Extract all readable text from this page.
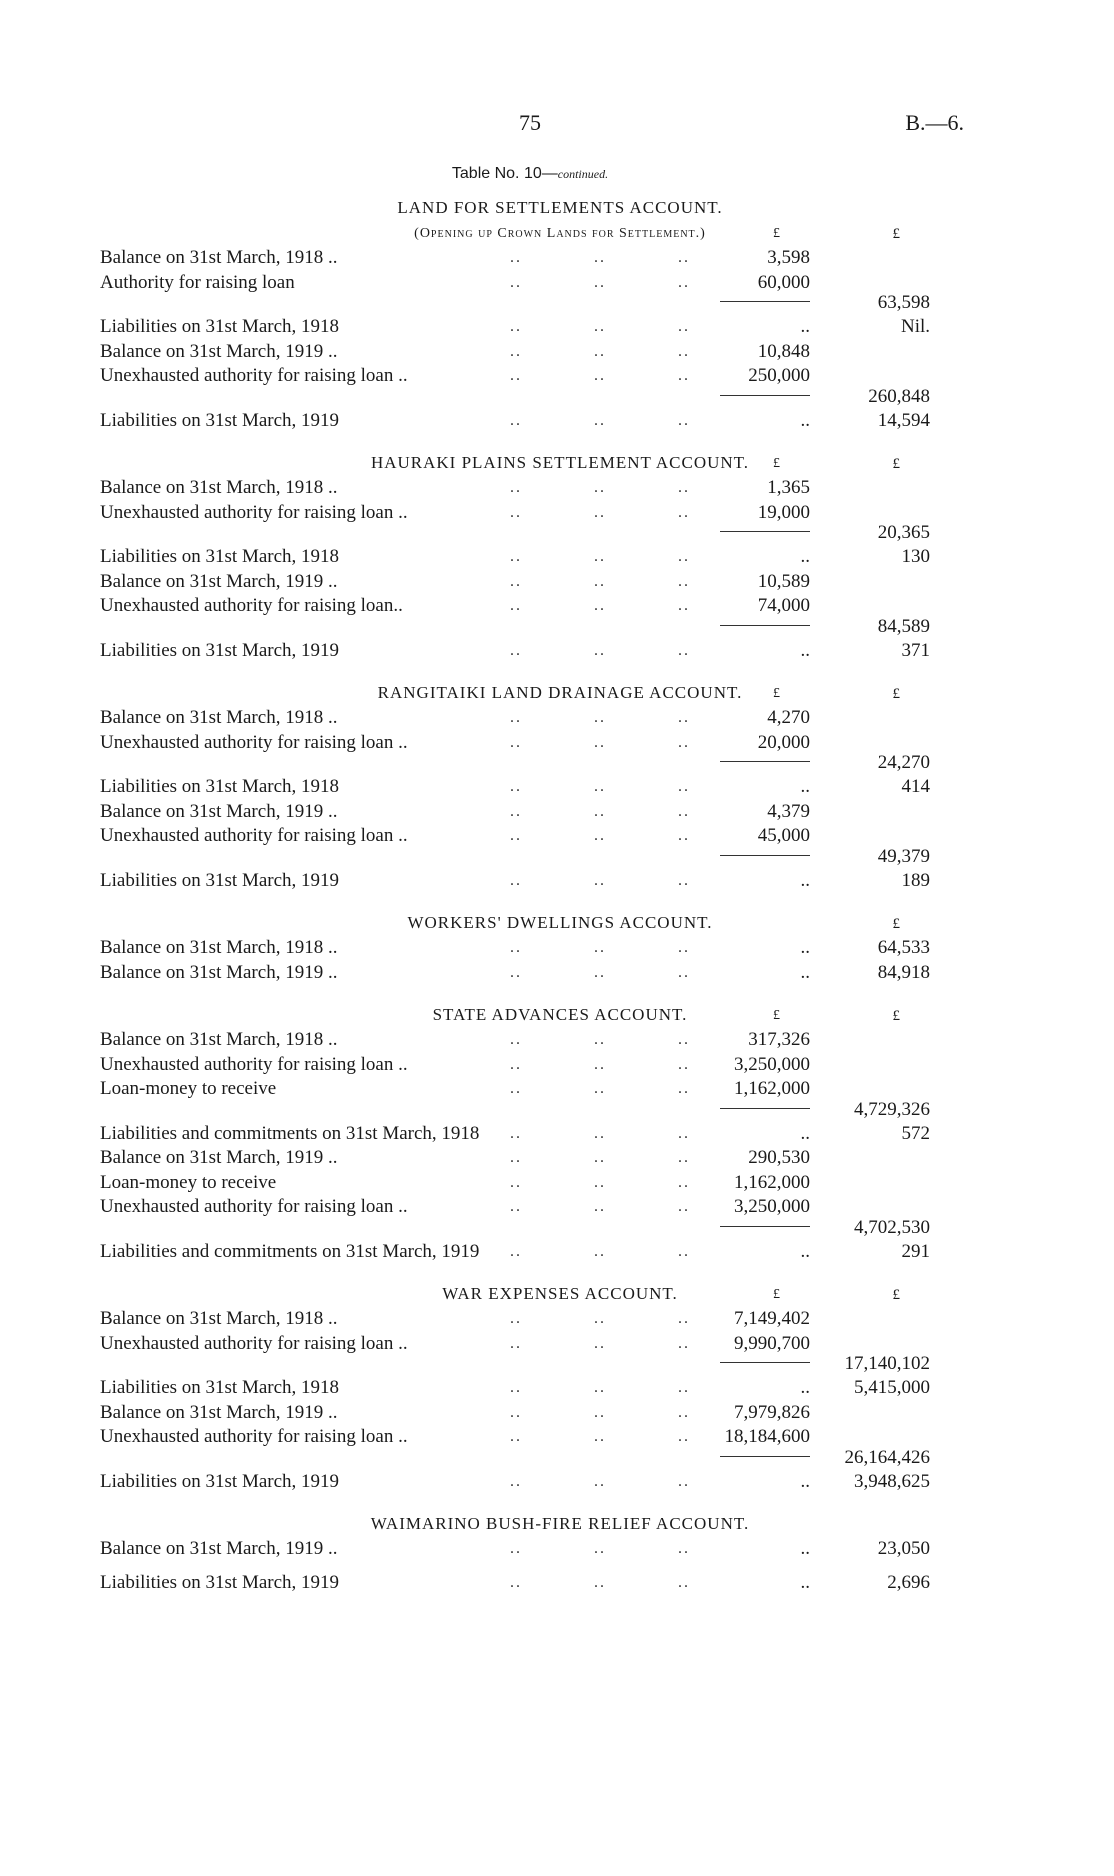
75	B.—6.
Table No. 10—continued.
LAND FOR SETTLEMENTS ACCOUNT.
(Opening up Crown Lands for Settlement.)	£	£
Balance on 31st March, 1918 ..	..	..	..	3,598
Authority for raising loan	..	..	..	60,000
63,598
Liabilities on 31st March, 1918	..	..	..	..	Nil.
Balance on 31st March, 1919 ..	..	..	..	10,848
Unexhausted authority for raising loan ..	..	..	..	250,000
260,848
Liabilities on 31st March, 1919	..	..	..	..	14,594
HAURAKI PLAINS SETTLEMENT ACCOUNT.	£	£
Balance on 31st March, 1918 ..	..	..	..	1,365
Unexhausted authority for raising loan ..	..	..	..	19,000
20,365
Liabilities on 31st March, 1918	..	..	..	..	130
Balance on 31st March, 1919 ..	..	..	..	10,589
Unexhausted authority for raising loan..	..	..	..	74,000
84,589
Liabilities on 31st March, 1919	..	..	..	..	371
RANGITAIKI LAND DRAINAGE ACCOUNT.	£	£
Balance on 31st March, 1918 ..	..	..	..	4,270
Unexhausted authority for raising loan ..	..	..	..	20,000
24,270
Liabilities on 31st March, 1918	..	..	..	..	414
Balance on 31st March, 1919 ..	..	..	..	4,379
Unexhausted authority for raising loan ..	..	..	..	45,000
49,379
Liabilities on 31st March, 1919	..	..	..	..	189
WORKERS' DWELLINGS ACCOUNT.	£
Balance on 31st March, 1918 ..	..	..	..	..	64,533
Balance on 31st March, 1919 ..	..	..	..	..	84,918
STATE ADVANCES ACCOUNT.	£	£
Balance on 31st March, 1918 ..	..	..	..	317,326
Unexhausted authority for raising loan ..	..	..	..	3,250,000
Loan-money to receive	..	..	..	1,162,000
4,729,326
Liabilities and commitments on 31st March, 1918 ..	..	..	..	572
Balance on 31st March, 1919 ..	..	..	..	290,530
Loan-money to receive	..	..	..	1,162,000
Unexhausted authority for raising loan ..	..	..	..	3,250,000
4,702,530
Liabilities and commitments on 31st March, 1919 ..	..	..	..	291
WAR EXPENSES ACCOUNT.	£	£
Balance on 31st March, 1918 ..	..	..	..	7,149,402
Unexhausted authority for raising loan ..	..	..	..	9,990,700
17,140,102
Liabilities on 31st March, 1918	..	..	..	.. 5,415,000
Balance on 31st March, 1919 ..	..	..	..	7,979,826
Unexhausted authority for raising loan ..	..	..	..	18,184,600
26,164,426
Liabilities on 31st March, 1919	..	..	..	.. 3,948,625
WAIMARINO BUSH-FIRE RELIEF ACCOUNT.
Balance on 31st March, 1919 ..	..	..	..	..	23,050
Liabilities on 31st March, 1919	..	..	..	..	2,696
